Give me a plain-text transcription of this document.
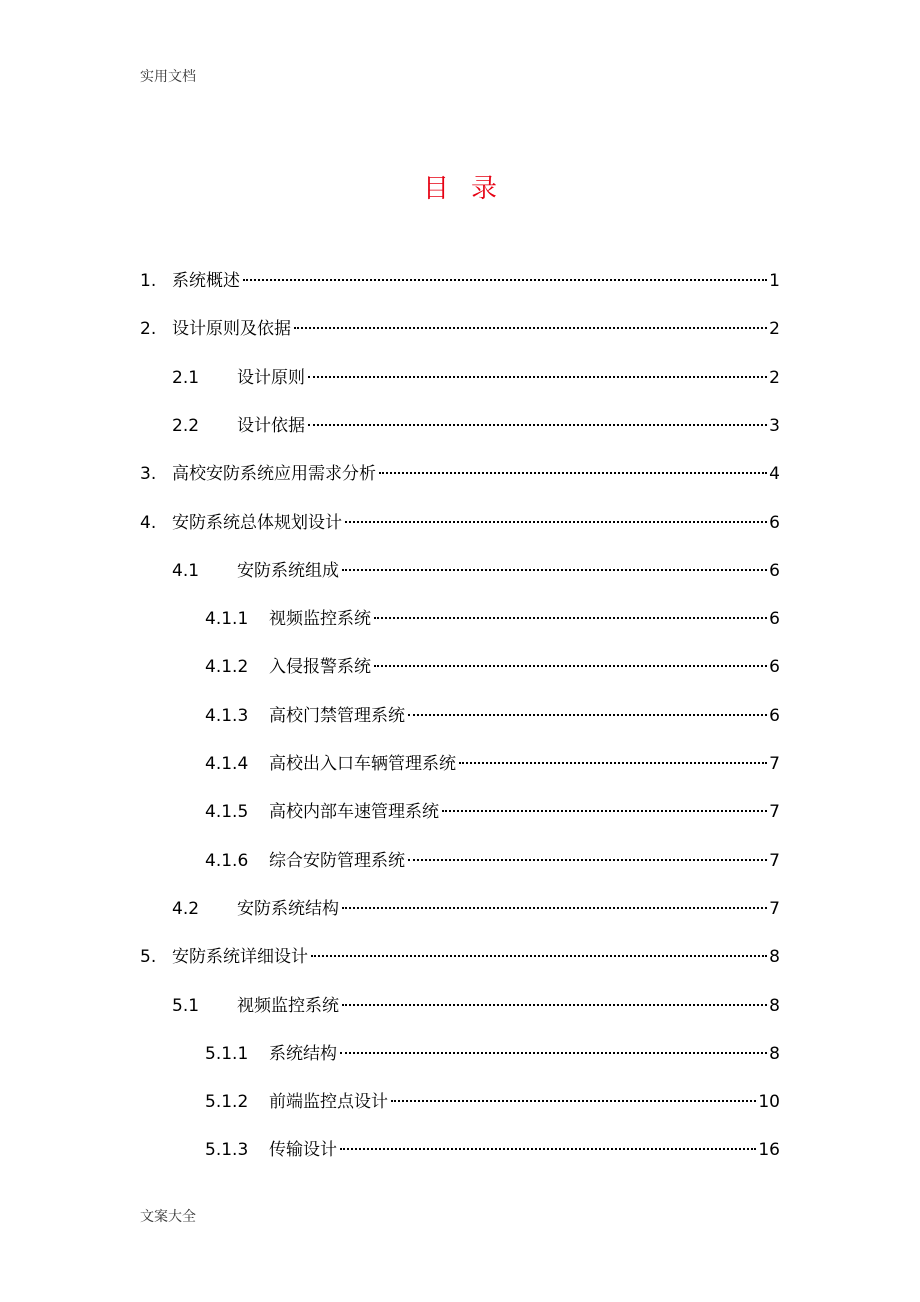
实用文档
目录
1. 系统概述	1
2. 设计原则及依据	2
2.1	设计原则	2
2.2	设计依据	3
3. 高校安防系统应用需求分析	4
4. 安防系统总体规划设计	6
4.1	安防系统组成	6
4.1.1	视频监控系统	6
4.1.2	入侵报警系统	6
4.1.3	高校门禁管理系统	6
4.1.4	高校出入口车辆管理系统	7
4.1.5	高校内部车速管理系统	7
4.1.6	综合安防管理系统	7
4.2	安防系统结构	7
5. 安防系统详细设计	8
5.1	视频监控系统	8
5.1.1	系统结构	8
5.1.2	前端监控点设计	10
5.1.3	传输设计	16
文案大全
